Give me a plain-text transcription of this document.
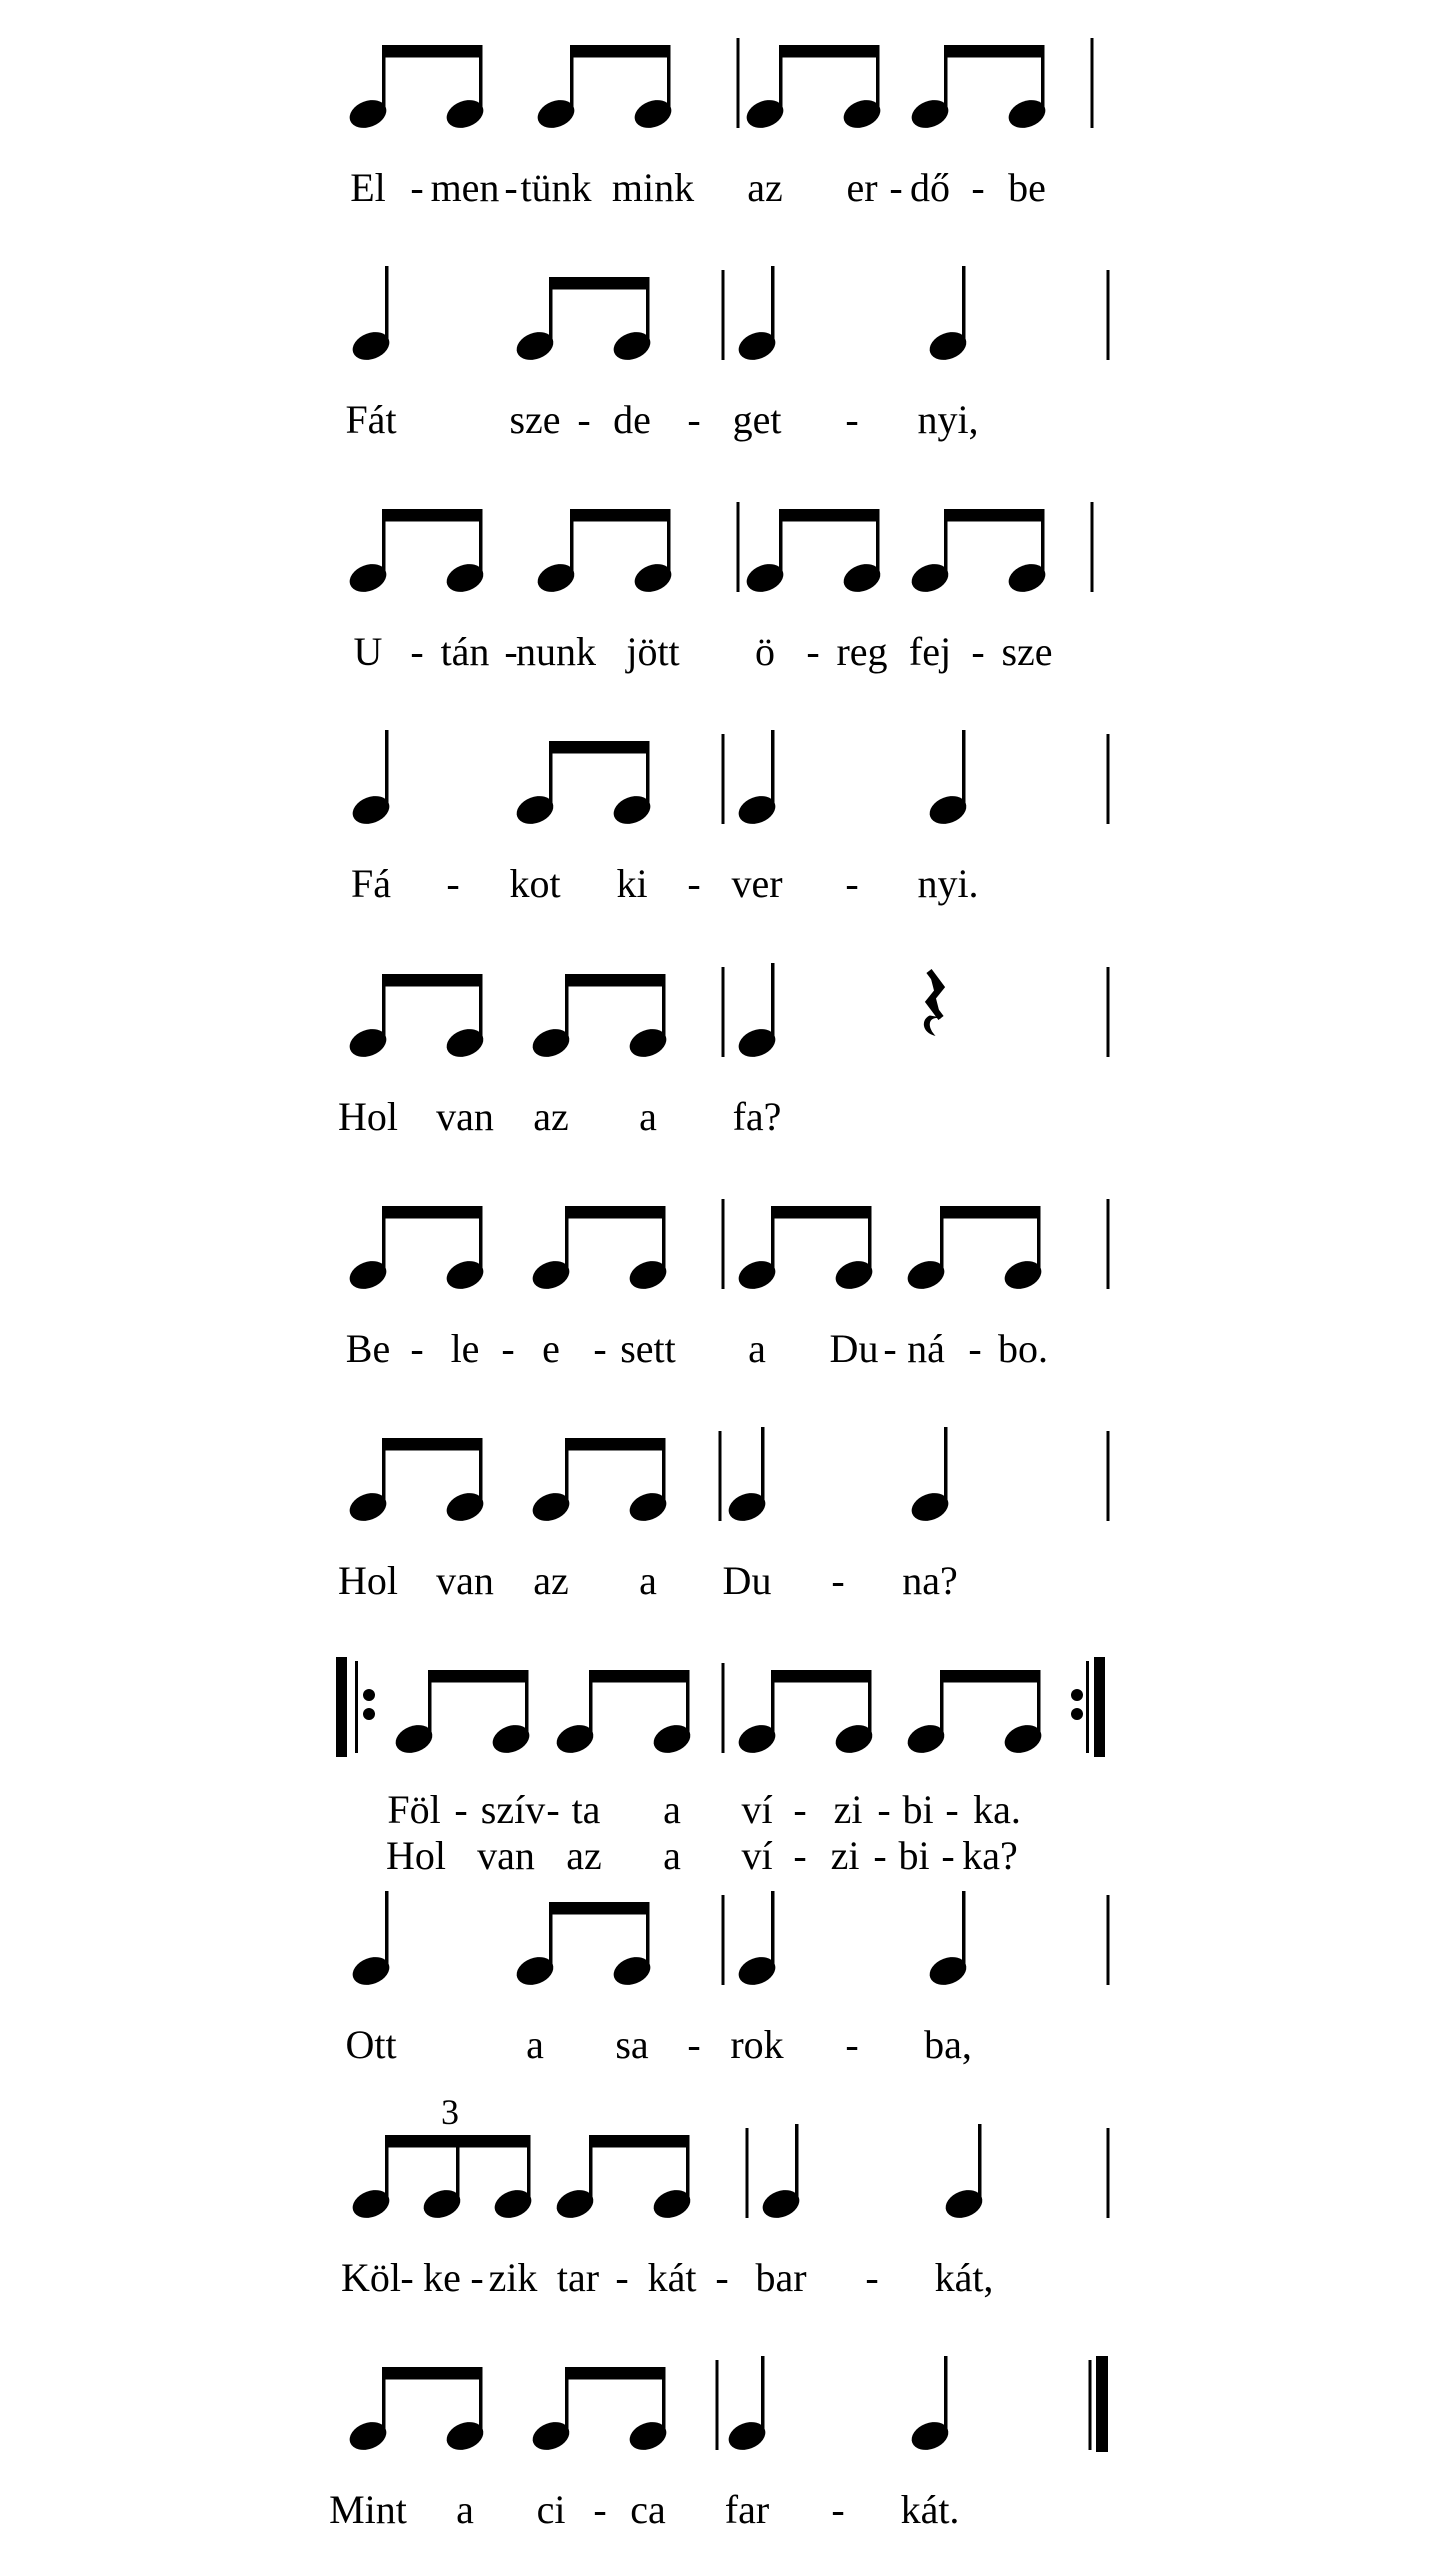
El - men - tünk mink az er - dő - be
Fát	sze - de - get - nyi,
U - tán -
nunk jött ö - reg fej - sze
Fá - kot ki - ver - nyi.
Hol van az a fa?
Be - le - e - sett a Du - ná - bo.
Hol van az a Du - na?
Föl - szív - ta a ví - zi - bi - ka.
Hol van az a ví - zi - bi - ka?
Ott	a sa - rok - ba,
3
Köl - ke - zik tar - kát - bar - kát,
Mint a ci - ca far - kát.
